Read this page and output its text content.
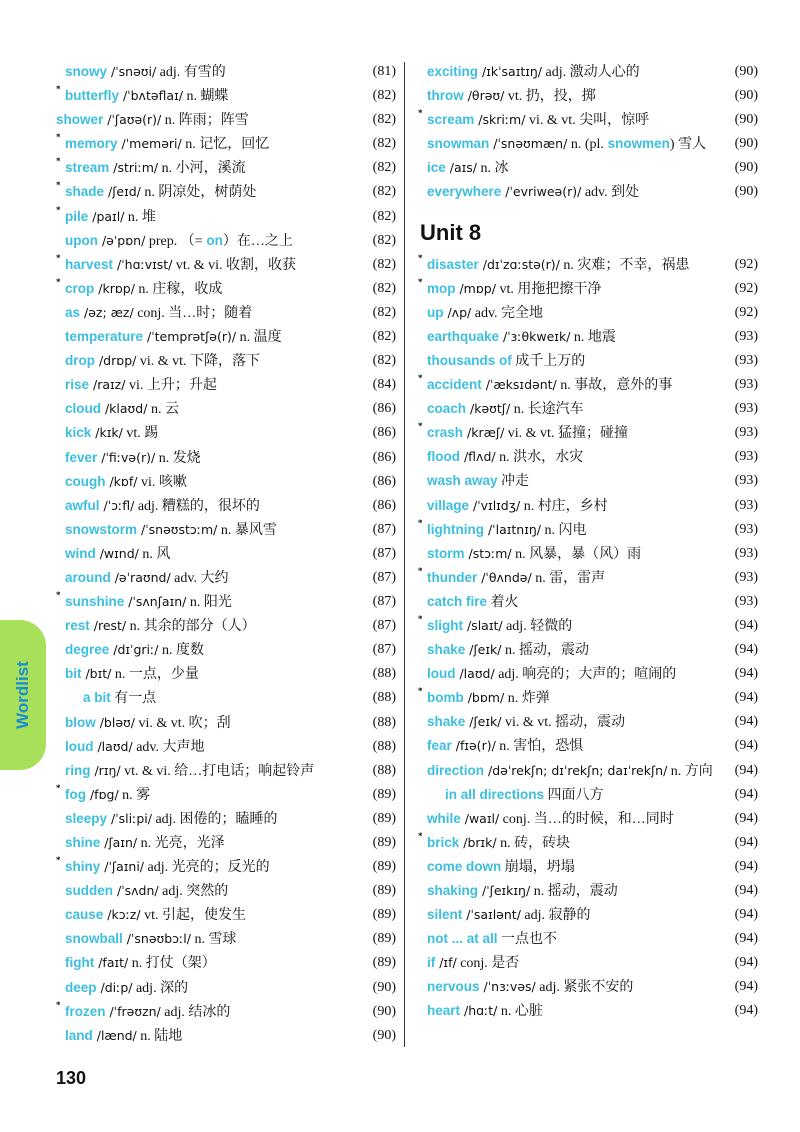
Wordlist
snowy /ˈsnəʊi/ adj. 有雪的	(81)
* butterfly /ˈbʌtəflaɪ/ n. 蝴蝶	(82)
shower /ˈʃaʊə(r)/ n. 阵雨；阵雪	(82)
* memory /ˈmeməri/ n. 记忆，回忆	(82)
* stream /striːm/ n. 小河，溪流	(82)
* shade /ʃeɪd/ n. 阴凉处，树荫处	(82)
* pile /paɪl/ n. 堆	(82)
upon /əˈpɒn/ prep. （= on）在…之上	(82)
* harvest /ˈhɑːvɪst/ vt. & vi. 收割，收获	(82)
* crop /krɒp/ n. 庄稼，收成	(82)
as /əz; æz/ conj. 当…时；随着	(82)
temperature /ˈtemprətʃə(r)/ n. 温度	(82)
drop /drɒp/ vi. & vt. 下降，落下	(82)
rise /raɪz/ vi. 上升；升起	(84)
cloud /klaʊd/ n. 云	(86)
kick /kɪk/ vt. 踢	(86)
fever /ˈfiːvə(r)/ n. 发烧	(86)
cough /kɒf/ vi. 咳嗽	(86)
awful /ˈɔːfl/ adj. 糟糕的，很坏的	(86)
snowstorm /ˈsnəʊstɔːm/ n. 暴风雪	(87)
wind /wɪnd/ n. 风	(87)
around /əˈraʊnd/ adv. 大约	(87)
* sunshine /ˈsʌnʃaɪn/ n. 阳光	(87)
rest /rest/ n. 其余的部分（人）	(87)
degree /dɪˈgriː/ n. 度数	(87)
bit /bɪt/ n. 一点，少量	(88)
a bit 有一点	(88)
blow /bləʊ/ vi. & vt. 吹；刮	(88)
loud /laʊd/ adv. 大声地	(88)
ring /rɪŋ/ vt. & vi. 给…打电话；响起铃声	(88)
* fog /fɒg/ n. 雾	(89)
sleepy /ˈsliːpi/ adj. 困倦的；瞌睡的	(89)
shine /ʃaɪn/ n. 光亮，光泽	(89)
* shiny /ˈʃaɪni/ adj. 光亮的；反光的	(89)
sudden /ˈsʌdn/ adj. 突然的	(89)
cause /kɔːz/ vt. 引起，使发生	(89)
snowball /ˈsnəʊbɔːl/ n. 雪球	(89)
fight /faɪt/ n. 打仗（架）	(89)
deep /diːp/ adj. 深的	(90)
* frozen /ˈfrəʊzn/ adj. 结冰的	(90)
land /lænd/ n. 陆地	(90)
exciting /ɪkˈsaɪtɪŋ/ adj. 激动人心的	(90)
throw /θrəʊ/ vt. 扔，投，掷	(90)
* scream /skriːm/ vi. & vt. 尖叫，惊呼	(90)
snowman /ˈsnəʊmæn/ n. (pl. snowmen) 雪人 (90)
ice /aɪs/ n. 冰	(90)
everywhere /ˈevriweə(r)/ adv. 到处	(90)
Unit 8
* disaster /dɪˈzɑːstə(r)/ n. 灾难；不幸，祸患	(92)
* mop /mɒp/ vt. 用拖把擦干净	(92)
up /ʌp/ adv. 完全地	(92)
earthquake /ˈɜːθkweɪk/ n. 地震	(93)
thousands of 成千上万的	(93)
* accident /ˈæksɪdənt/ n. 事故，意外的事	(93)
coach /kəʊtʃ/ n. 长途汽车	(93)
* crash /kræʃ/ vi. & vt. 猛撞；碰撞	(93)
flood /flʌd/ n. 洪水，水灾	(93)
wash away 冲走	(93)
village /ˈvɪlɪdʒ/ n. 村庄，乡村	(93)
* lightning /ˈlaɪtnɪŋ/ n. 闪电	(93)
storm /stɔːm/ n. 风暴，暴（风）雨	(93)
* thunder /ˈθʌndə/ n. 雷，雷声	(93)
catch fire 着火	(93)
* slight /slaɪt/ adj. 轻微的	(94)
shake /ʃeɪk/ n. 摇动，震动	(94)
loud /laʊd/ adj. 响亮的；大声的；喧闹的	(94)
* bomb /bɒm/ n. 炸弹	(94)
shake /ʃeɪk/ vi. & vt. 摇动，震动	(94)
fear /fɪə(r)/ n. 害怕，恐惧	(94)
direction /dəˈrekʃn; dɪˈrekʃn; daɪˈrekʃn/ n. 方向 (94)
in all directions 四面八方	(94)
while /waɪl/ conj. 当…的时候，和…同时	(94)
* brick /brɪk/ n. 砖，砖块	(94)
come down 崩塌，坍塌	(94)
shaking /ˈʃeɪkɪŋ/ n. 摇动，震动	(94)
silent /ˈsaɪlənt/ adj. 寂静的	(94)
not ... at all 一点也不	(94)
if /ɪf/ conj. 是否	(94)
nervous /ˈnɜːvəs/ adj. 紧张不安的	(94)
heart /hɑːt/ n. 心脏	(94)
130
